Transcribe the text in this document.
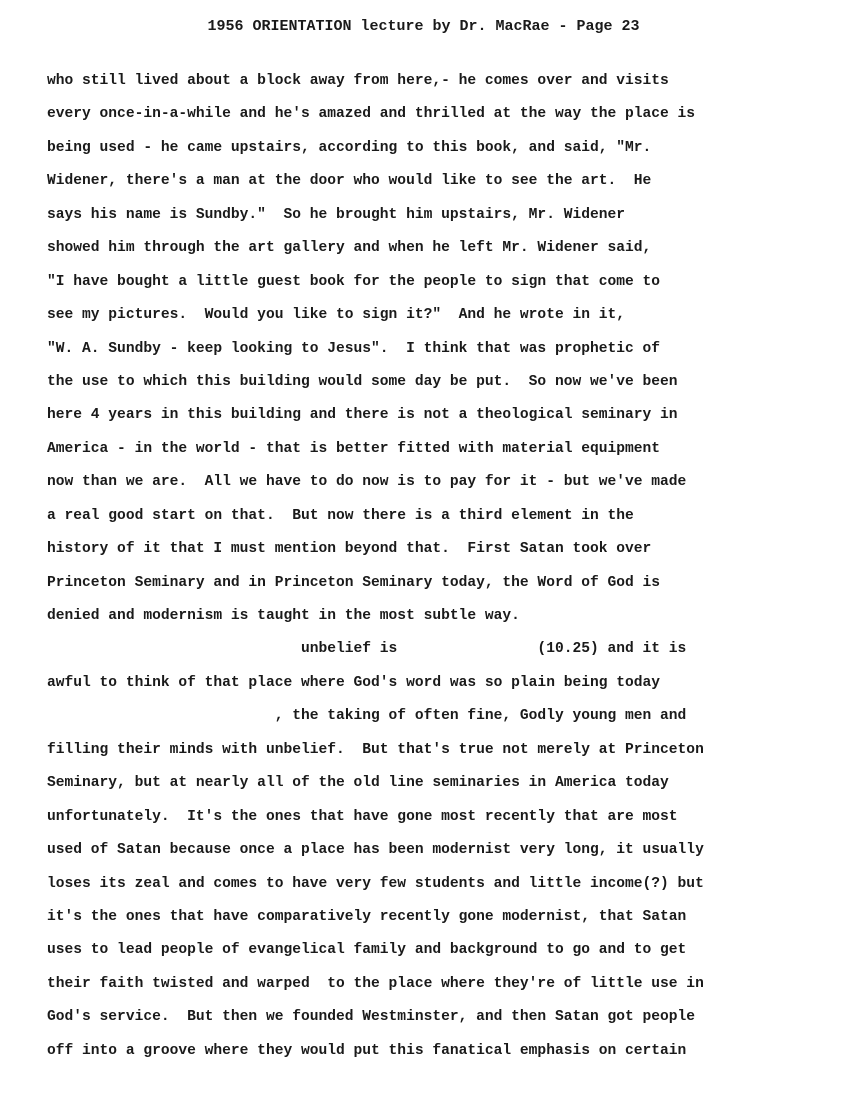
1956 ORIENTATION lecture by Dr. MacRae - Page 23
who still lived about a block away from here,- he comes over and visits
every once-in-a-while and he's amazed and thrilled at the way the place is
being used - he came upstairs, according to this book, and said, "Mr.
Widener, there's a man at the door who would like to see the art.  He
says his name is Sundby."  So he brought him upstairs, Mr. Widener
showed him through the art gallery and when he left Mr. Widener said,
"I have bought a little guest book for the people to sign that come to
see my pictures.  Would you like to sign it?"  And he wrote in it,
"W. A. Sundby - keep looking to Jesus".  I think that was prophetic of
the use to which this building would some day be put.  So now we've been
here 4 years in this building and there is not a theological seminary in
America - in the world - that is better fitted with material equipment
now than we are.  All we have to do now is to pay for it - but we've made
a real good start on that.  But now there is a third element in the
history of it that I must mention beyond that.  First Satan took over
Princeton Seminary and in Princeton Seminary today, the Word of God is
denied and modernism is taught in the most subtle way.
unbelief is                (10.25) and it is
awful to think of that place where God's word was so plain being today
, the taking of often fine, Godly young men and
filling their minds with unbelief.  But that's true not merely at Princeton
Seminary, but at nearly all of the old line seminaries in America today
unfortunately.  It's the ones that have gone most recently that are most
used of Satan because once a place has been modernist very long, it usually
loses its zeal and comes to have very few students and little income(?) but
it's the ones that have comparatively recently gone modernist, that Satan
uses to lead people of evangelical family and background to go and to get
their faith twisted and warped  to the place where they're of little use in
God's service.  But then we founded Westminster, and then Satan got people
off into a groove where they would put this fanatical emphasis on certain
